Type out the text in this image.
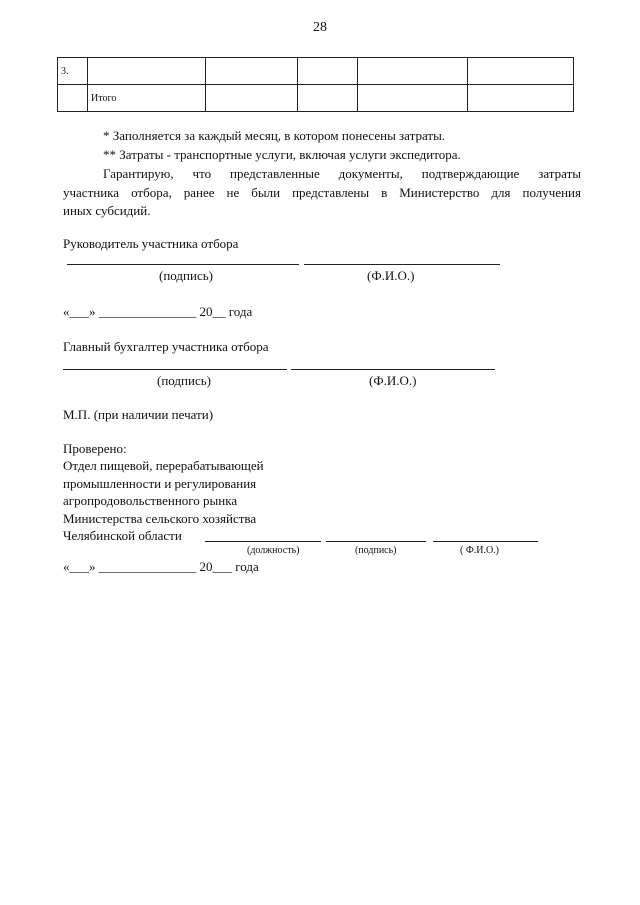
28
3.					
	Итого				
* Заполняется за каждый месяц, в котором понесены затраты.
** Затраты - транспортные услуги, включая услуги экспедитора.
Гарантирую, что представленные документы, подтверждающие затраты
участника отбора, ранее не были представлены в Министерство для получения
иных субсидий.
Руководитель участника отбора
(подпись)	(Ф.И.О.)
«___» _______________ 20__ года
Главный бухгалтер участника отбора
(подпись)	(Ф.И.О.)
М.П. (при наличии печати)
Проверено:
Отдел пищевой, перерабатывающей
промышленности и регулирования
агропродовольственного рынка
Министерства сельского хозяйства
Челябинской области
(должность)	(подпись)	( Ф.И.О.)
«___» _______________ 20___ года
